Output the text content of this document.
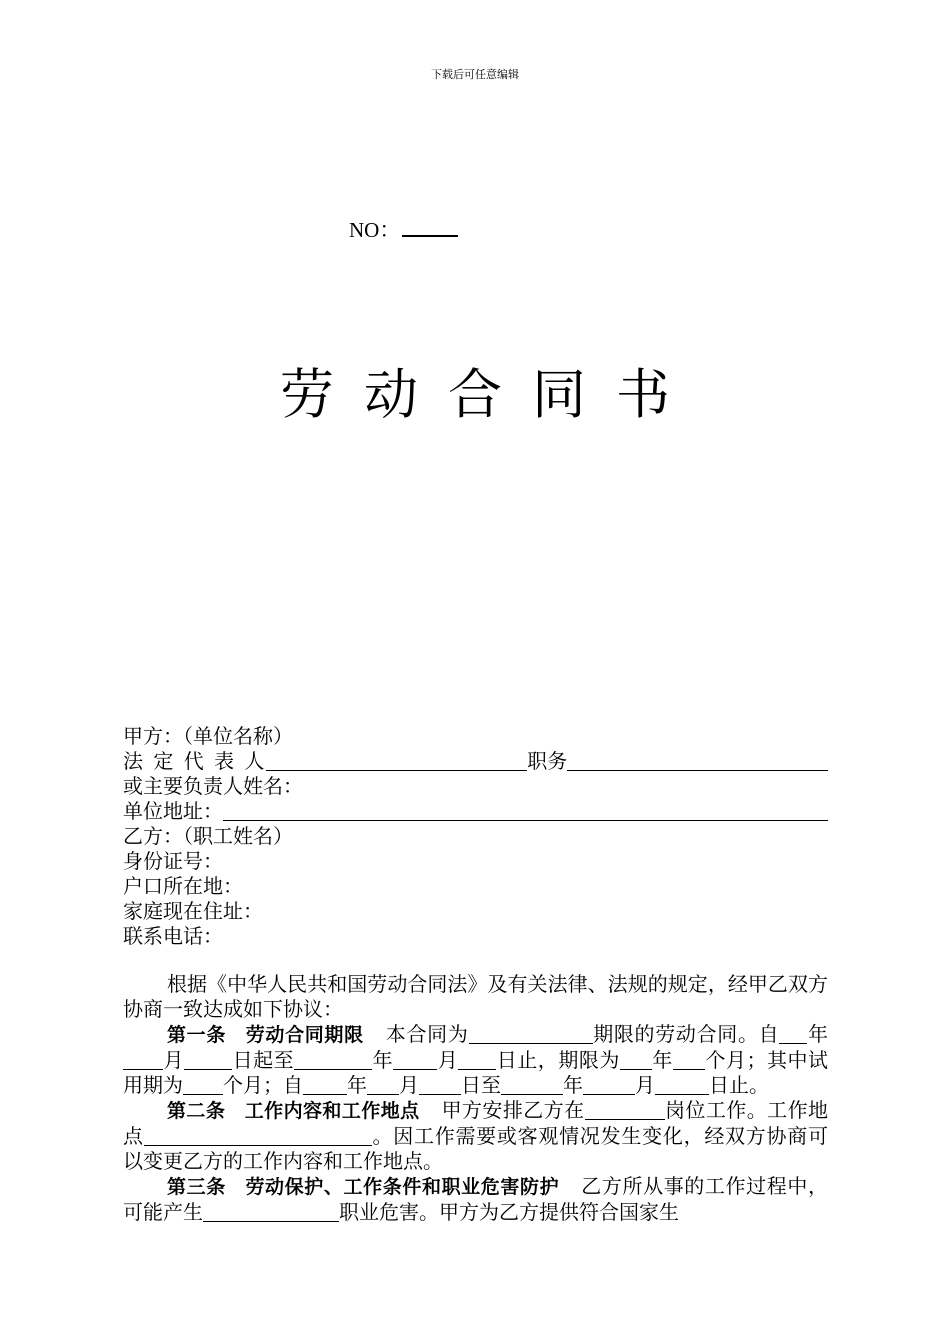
下载后可任意编辑
NO：
劳动合同书
甲方：（单位名称）
法 定 代 表 人	职务
或主要负责人姓名：
单位地址：
乙方：（职工姓名）
身份证号：
户口所在地：
家庭现在住址：
联系电话：

根据《中华人民共和国劳动合同法》及有关法律、法规的规定，经甲乙双方协商一致达成如下协议：

第一条　劳动合同期限 本合同为	期限的劳动合同。自 年月 日起至	年 月 日止，期限为 年 个月；其中试用期为 个月；自 年 月 日至	年	月	日止。

第二条　工作内容和工作地点 甲方安排乙方在	岗位工作。工作地点	。因工作需要或客观情况发生变化，经双方协商可以变更乙方的工作内容和工作地点。

第三条　劳动保护、工作条件和职业危害防护 乙方所从事的工作过程中，可能产生	职业危害。甲方为乙方提供符合国家生
